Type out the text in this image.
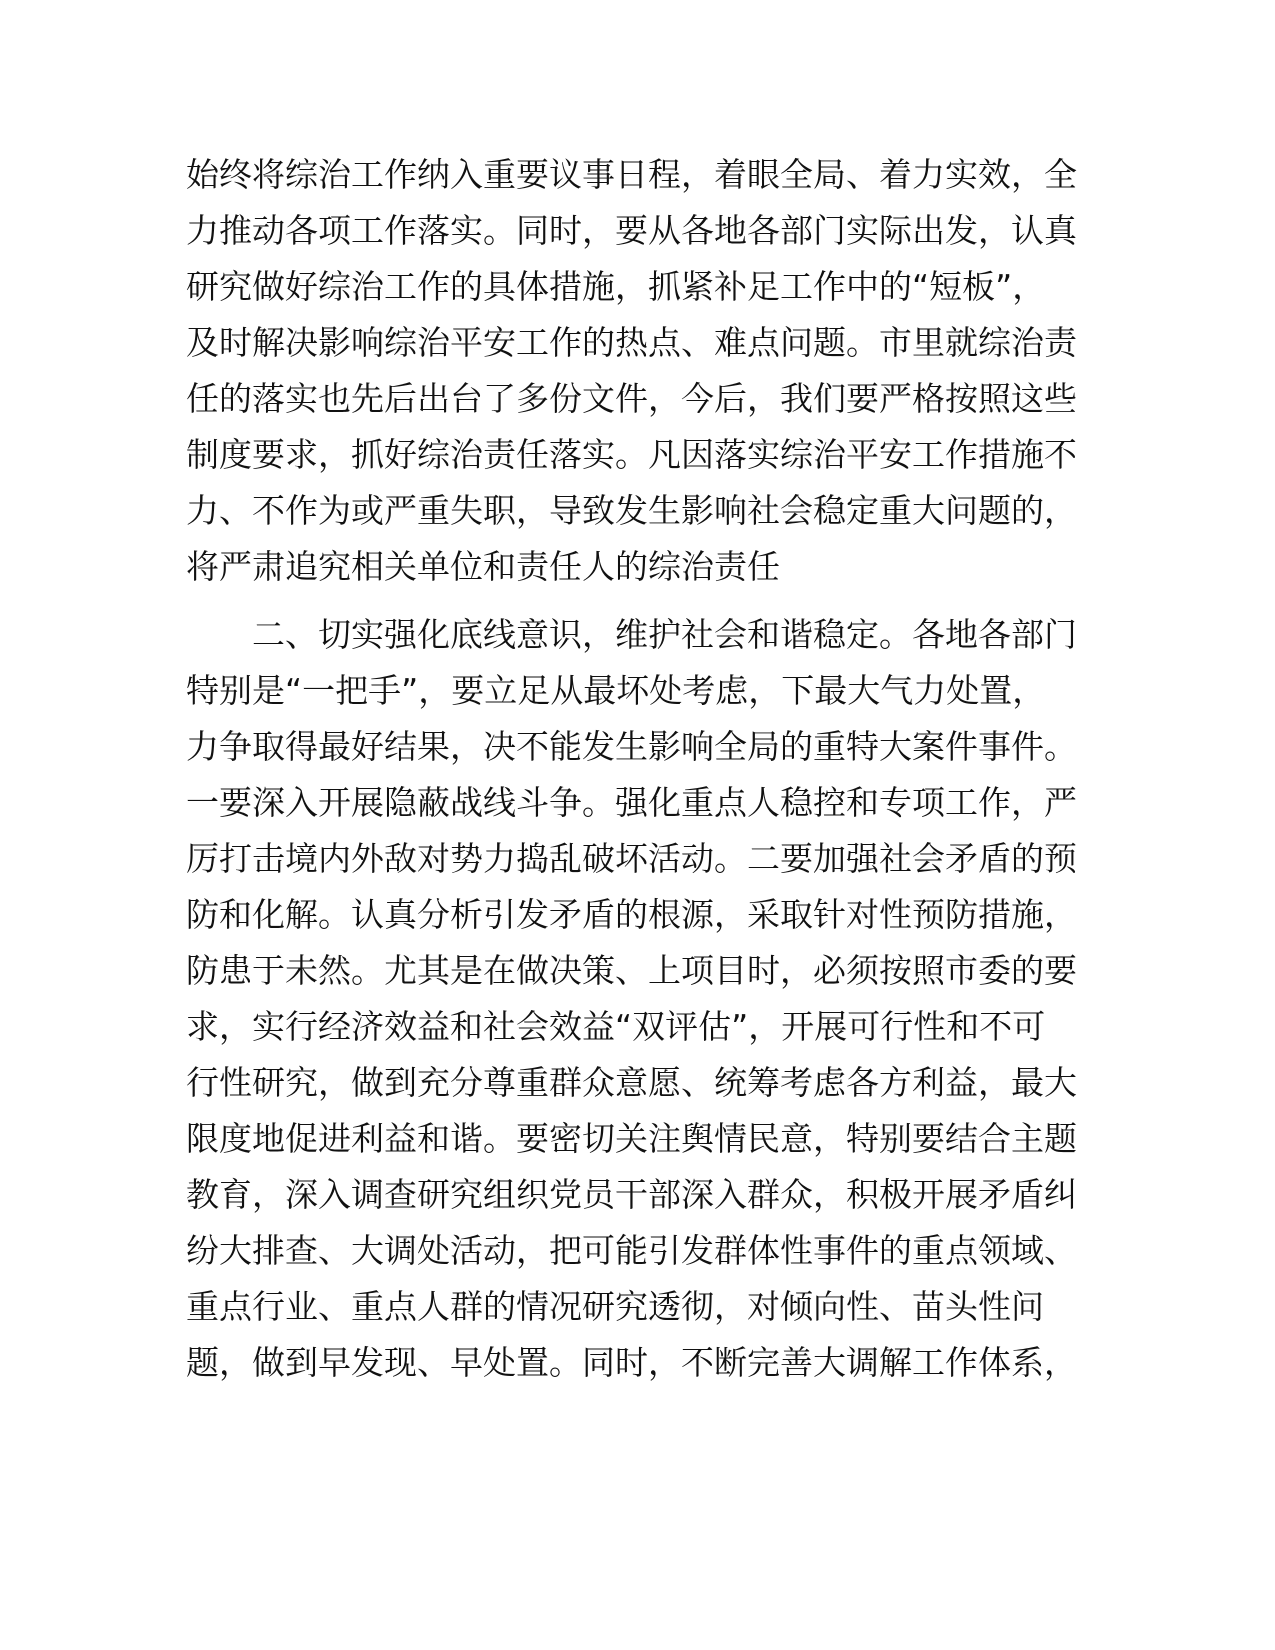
始终将综治工作纳入重要议事日程，着眼全局、着力实效，全
力推动各项工作落实。同时，要从各地各部门实际出发，认真
研究做好综治工作的具体措施，抓紧补足工作中的“短板”，
及时解决影响综治平安工作的热点、难点问题。市里就综治责
任的落实也先后出台了多份文件，今后，我们要严格按照这些
制度要求，抓好综治责任落实。凡因落实综治平安工作措施不
力、不作为或严重失职，导致发生影响社会稳定重大问题的，
将严肃追究相关单位和责任人的综治责任
二、切实强化底线意识，维护社会和谐稳定。各地各部门
特别是“一把手”，要立足从最坏处考虑，下最大气力处置，
力争取得最好结果，决不能发生影响全局的重特大案件事件。
一要深入开展隐蔽战线斗争。强化重点人稳控和专项工作，严
厉打击境内外敌对势力捣乱破坏活动。二要加强社会矛盾的预
防和化解。认真分析引发矛盾的根源，采取针对性预防措施，
防患于未然。尤其是在做决策、上项目时，必须按照市委的要
求，实行经济效益和社会效益“双评估”，开展可行性和不可
行性研究，做到充分尊重群众意愿、统筹考虑各方利益，最大
限度地促进利益和谐。要密切关注舆情民意，特别要结合主题
教育，深入调查研究组织党员干部深入群众，积极开展矛盾纠
纷大排查、大调处活动，把可能引发群体性事件的重点领域、
重点行业、重点人群的情况研究透彻，对倾向性、苗头性问
题，做到早发现、早处置。同时，不断完善大调解工作体系，
